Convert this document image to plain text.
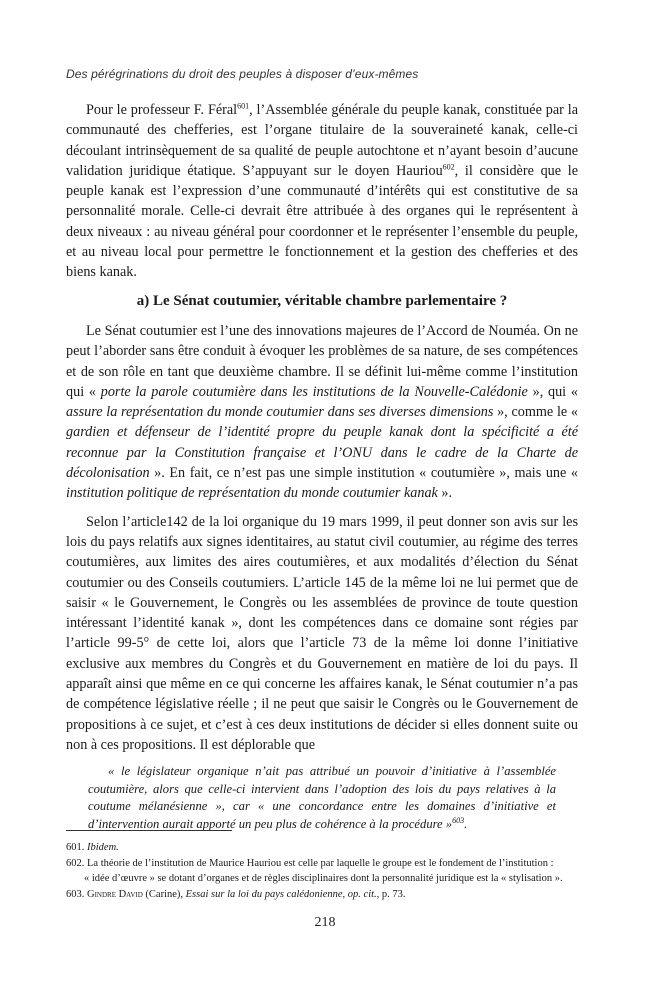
Des pérégrinations du droit des peuples à disposer d’eux-mêmes

Pour le professeur F. Féral$^{601}$, l’Assemblée générale du peuple kanak, constituée par la communauté des chefferies, est l’organe titulaire de la souveraineté kanak, celle-ci découlant intrinsèquement de sa qualité de peuple autochtone et n’ayant besoin d’aucune validation juridique étatique. S’appuyant sur le doyen Hauriou$^{602}$, il considère que le peuple kanak est l’expression d’une communauté d’intérêts qui est constitutive de sa personnalité morale. Celle-ci devrait être attribuée à des organes qui le représentent à deux niveaux : au niveau général pour coordonner et le représenter l’ensemble du peuple, et au niveau local pour permettre le fonctionnement et la gestion des chefferies et des biens kanak.

a) Le Sénat coutumier, véritable chambre parlementaire ?

Le Sénat coutumier est l’une des innovations majeures de l’Accord de Nouméa. On ne peut l’aborder sans être conduit à évoquer les problèmes de sa nature, de ses compétences et de son rôle en tant que deuxième chambre. Il se définit lui-même comme l’institution qui « porte la parole coutumière dans les institutions de la Nouvelle-Calédonie », qui « assure la représentation du monde coutumier dans ses diverses dimensions », comme le « gardien et défenseur de l’identité propre du peuple kanak dont la spécificité a été reconnue par la Constitution française et l’ONU dans le cadre de la Charte de décolonisation ». En fait, ce n’est pas une simple institution « coutumière », mais une « institution politique de représentation du monde coutumier kanak ».

Selon l’article142 de la loi organique du 19 mars 1999, il peut donner son avis sur les lois du pays relatifs aux signes identitaires, au statut civil coutumier, au régime des terres coutumières, aux limites des aires coutumières, et aux modalités d’élection du Sénat coutumier ou des Conseils coutumiers. L’article 145 de la même loi ne lui permet que de saisir « le Gouvernement, le Congrès ou les assemblées de province de toute question intéressant l’identité kanak », dont les compétences dans ce domaine sont régies par l’article 99-5° de cette loi, alors que l’article 73 de la même loi donne l’initiative exclusive aux membres du Congrès et du Gouvernement en matière de loi du pays. Il apparaît ainsi que même en ce qui concerne les affaires kanak, le Sénat coutumier n’a pas de compétence législative réelle ; il ne peut que saisir le Congrès ou le Gouvernement de propositions à ce sujet, et c’est à ces deux institutions de décider si elles donnent suite ou non à ces propositions. Il est déplorable que

« le législateur organique n’ait pas attribué un pouvoir d’initiative à l’assemblée coutumière, alors que celle-ci intervient dans l’adoption des lois du pays relatives à la coutume mélanésienne », car « une concordance entre les domaines d’initiative et d’intervention aurait apporté un peu plus de cohérence à la procédure »$^{603}$.

601. Ibidem.

602. La théorie de l’institution de Maurice Hauriou est celle par laquelle le groupe est le fondement de l’institution :
« idée d’œuvre » se dotant d’organes et de règles disciplinaires dont la personnalité juridique est la « stylisation ».

603. Gindre David (Carine), Essai sur la loi du pays calédonienne, op. cit., p. 73.

218
